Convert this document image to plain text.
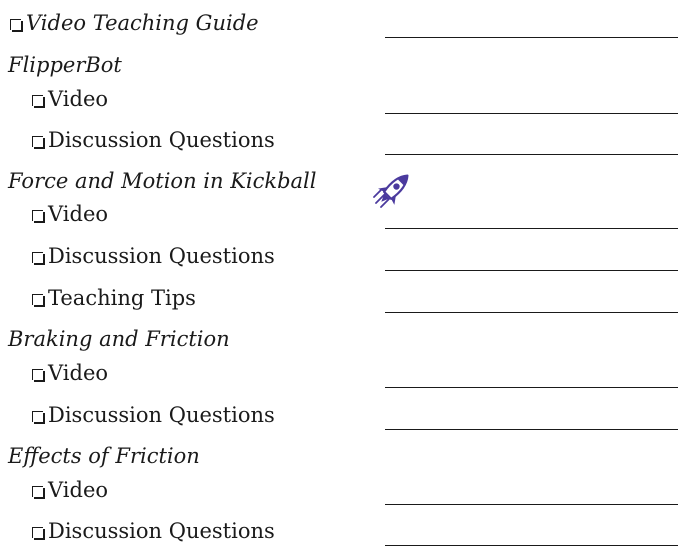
Video Teaching Guide
FlipperBot
Video
Discussion Questions
Force and Motion in Kickball
Video
Discussion Questions
Teaching Tips
Braking and Friction
Video
Discussion Questions
Effects of Friction
Video
Discussion Questions
